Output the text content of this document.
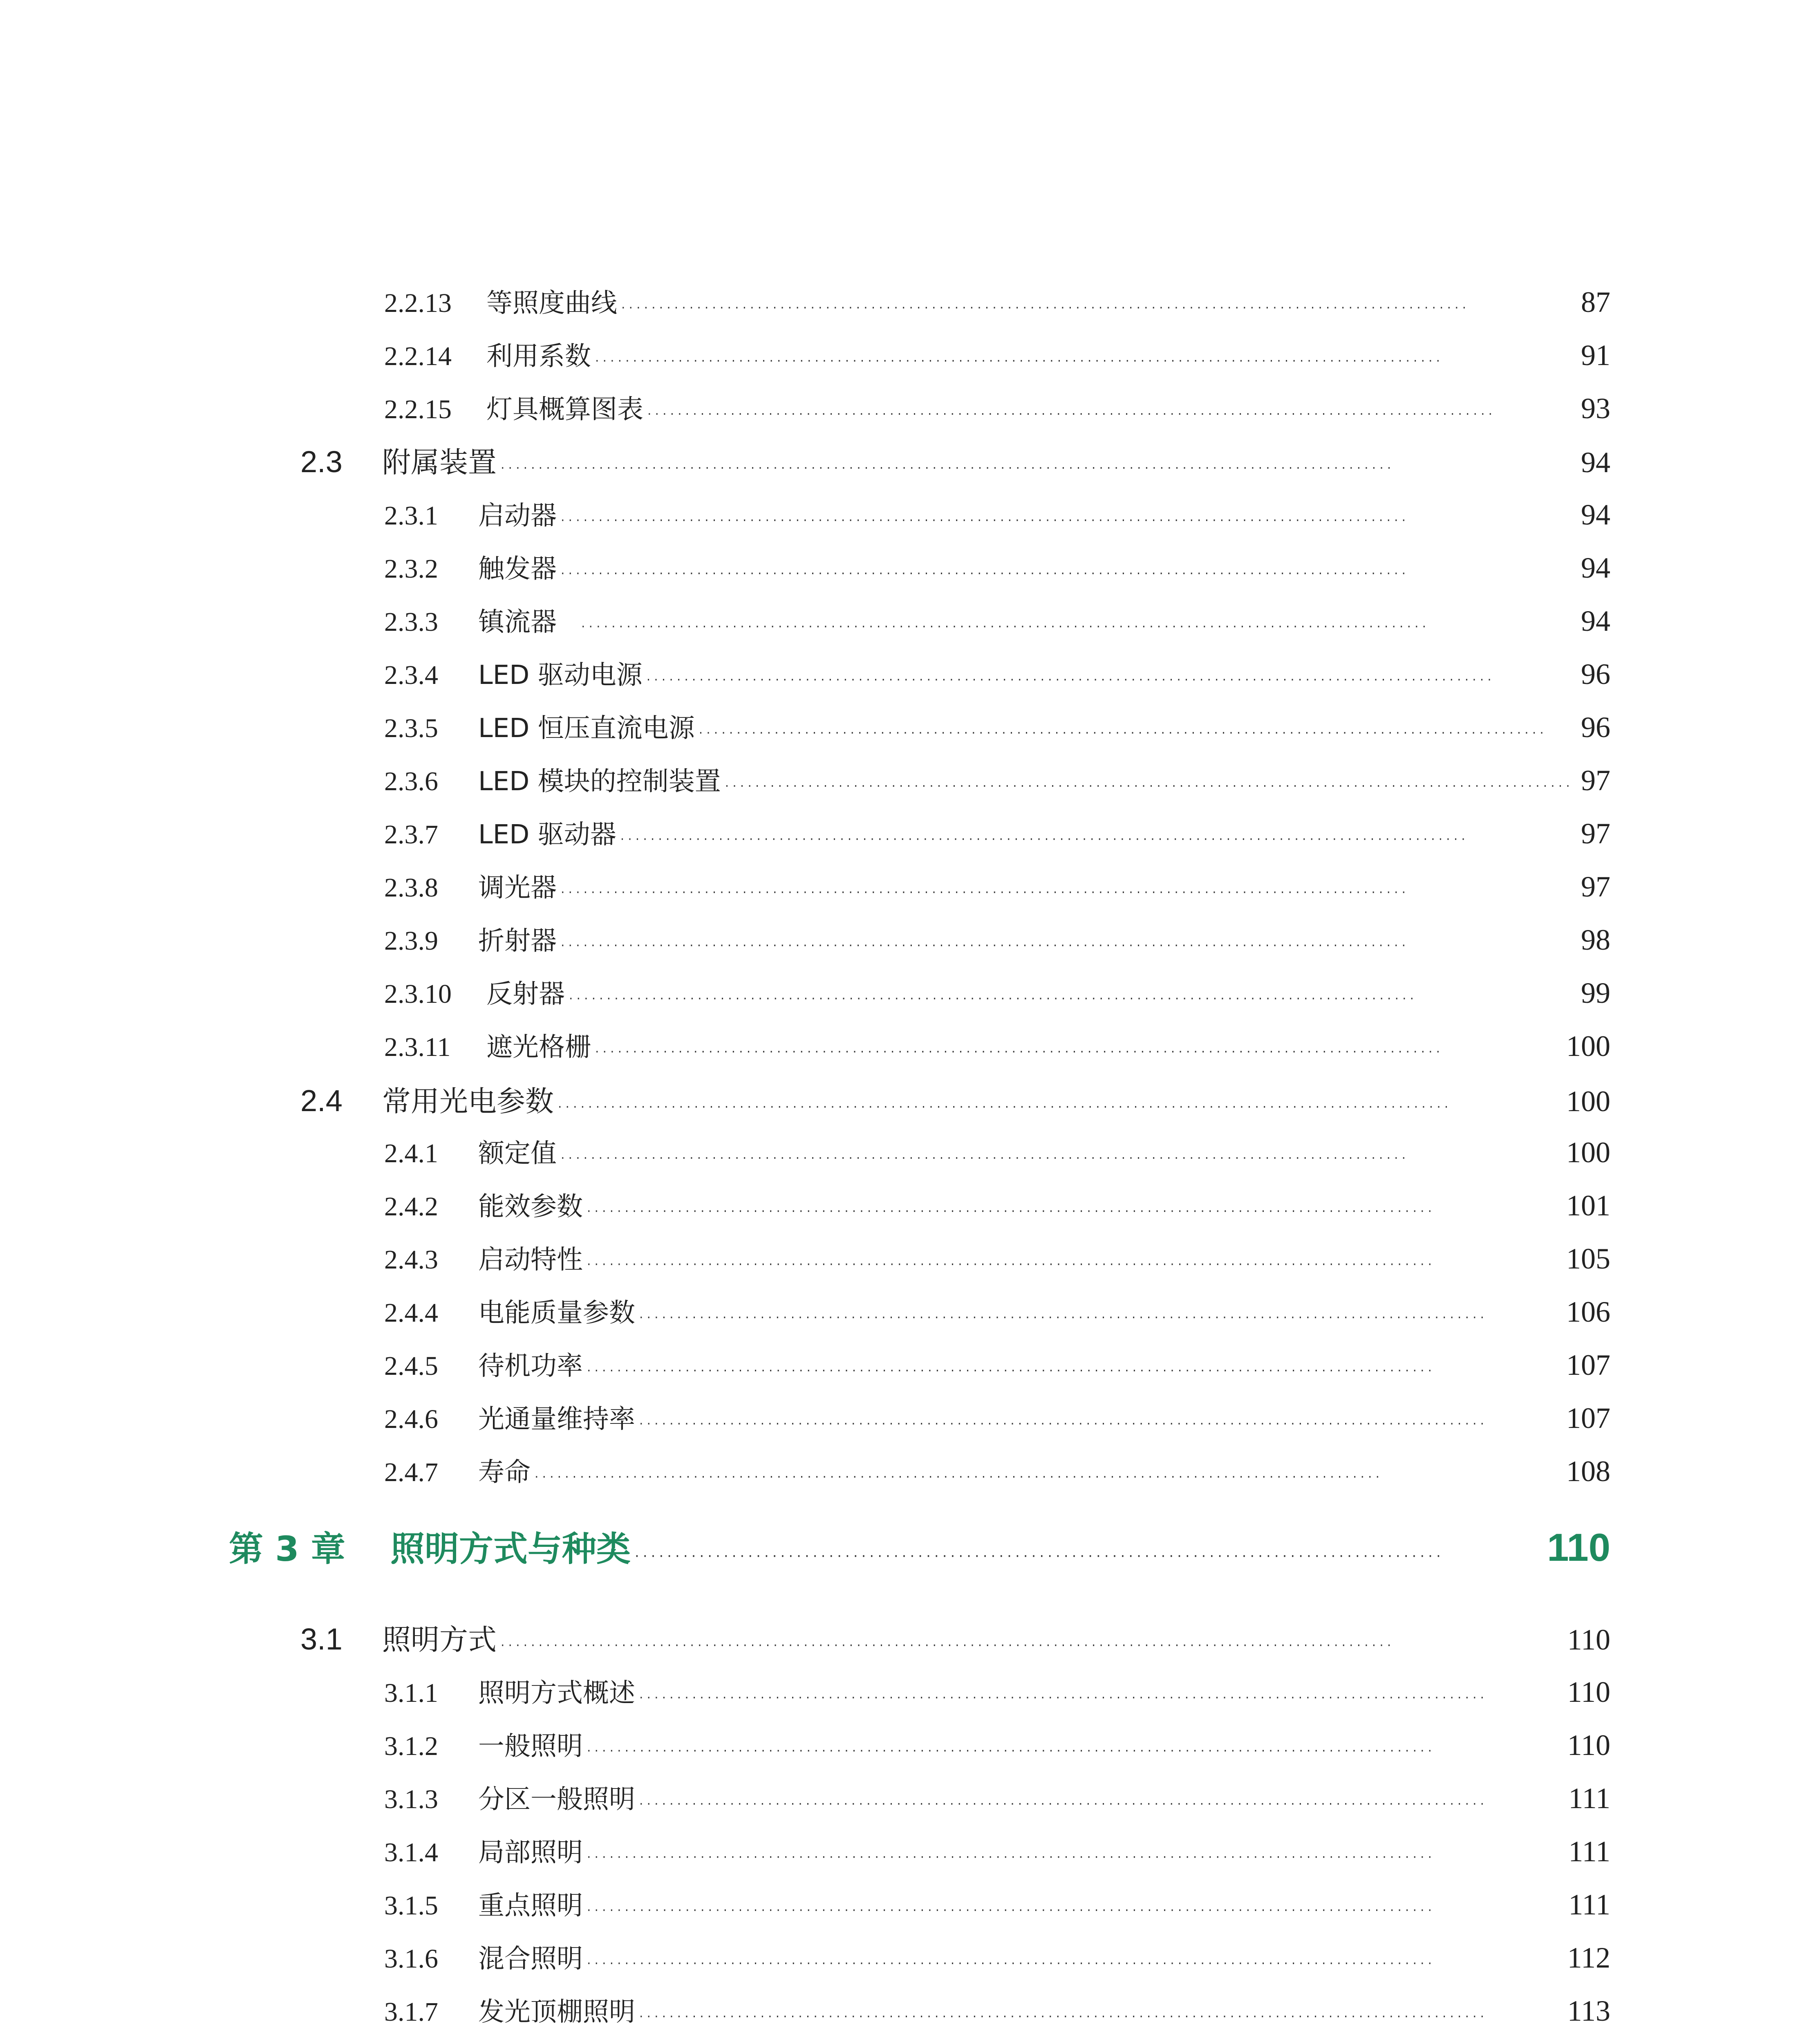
2.2.13	等照度曲线 ················································································································	87
2.2.14	利用系数 ················································································································	91
2.2.15	灯具概算图表 ················································································································	93
2.3	附属装置 ······················································································································	94
2.3.1	启动器 ················································································································	94
2.3.2	触发器 ················································································································	94
2.3.3	镇流器 ················································································································	94
2.3.4	LED 驱动电源 ················································································································	96
2.3.5	LED 恒压直流电源 ················································································································	96
2.3.6	LED 模块的控制装置 ················································································································ 97
2.3.7	LED 驱动器 ················································································································	97
2.3.8	调光器 ················································································································	97
2.3.9	折射器 ················································································································	98
2.3.10	反射器 ················································································································	99
2.3.11	遮光格栅 ················································································································	100
2.4	常用光电参数 ······················································································································	100
2.4.1	额定值 ················································································································	100
2.4.2	能效参数 ················································································································	101
2.4.3	启动特性 ················································································································	105
2.4.4	电能质量参数 ················································································································	106
2.4.5	待机功率 ················································································································	107
2.4.6	光通量维持率 ················································································································	107
2.4.7	寿命 ················································································································	108
第 3 章	照明方式与种类 ····································································································	110
3.1	照明方式 ······················································································································	110
3.1.1	照明方式概述 ················································································································	110
3.1.2	一般照明 ················································································································	110
3.1.3	分区一般照明 ················································································································	111
3.1.4	局部照明 ················································································································	111
3.1.5	重点照明 ················································································································	111
3.1.6	混合照明 ················································································································	112
3.1.7	发光顶棚照明 ················································································································	113
